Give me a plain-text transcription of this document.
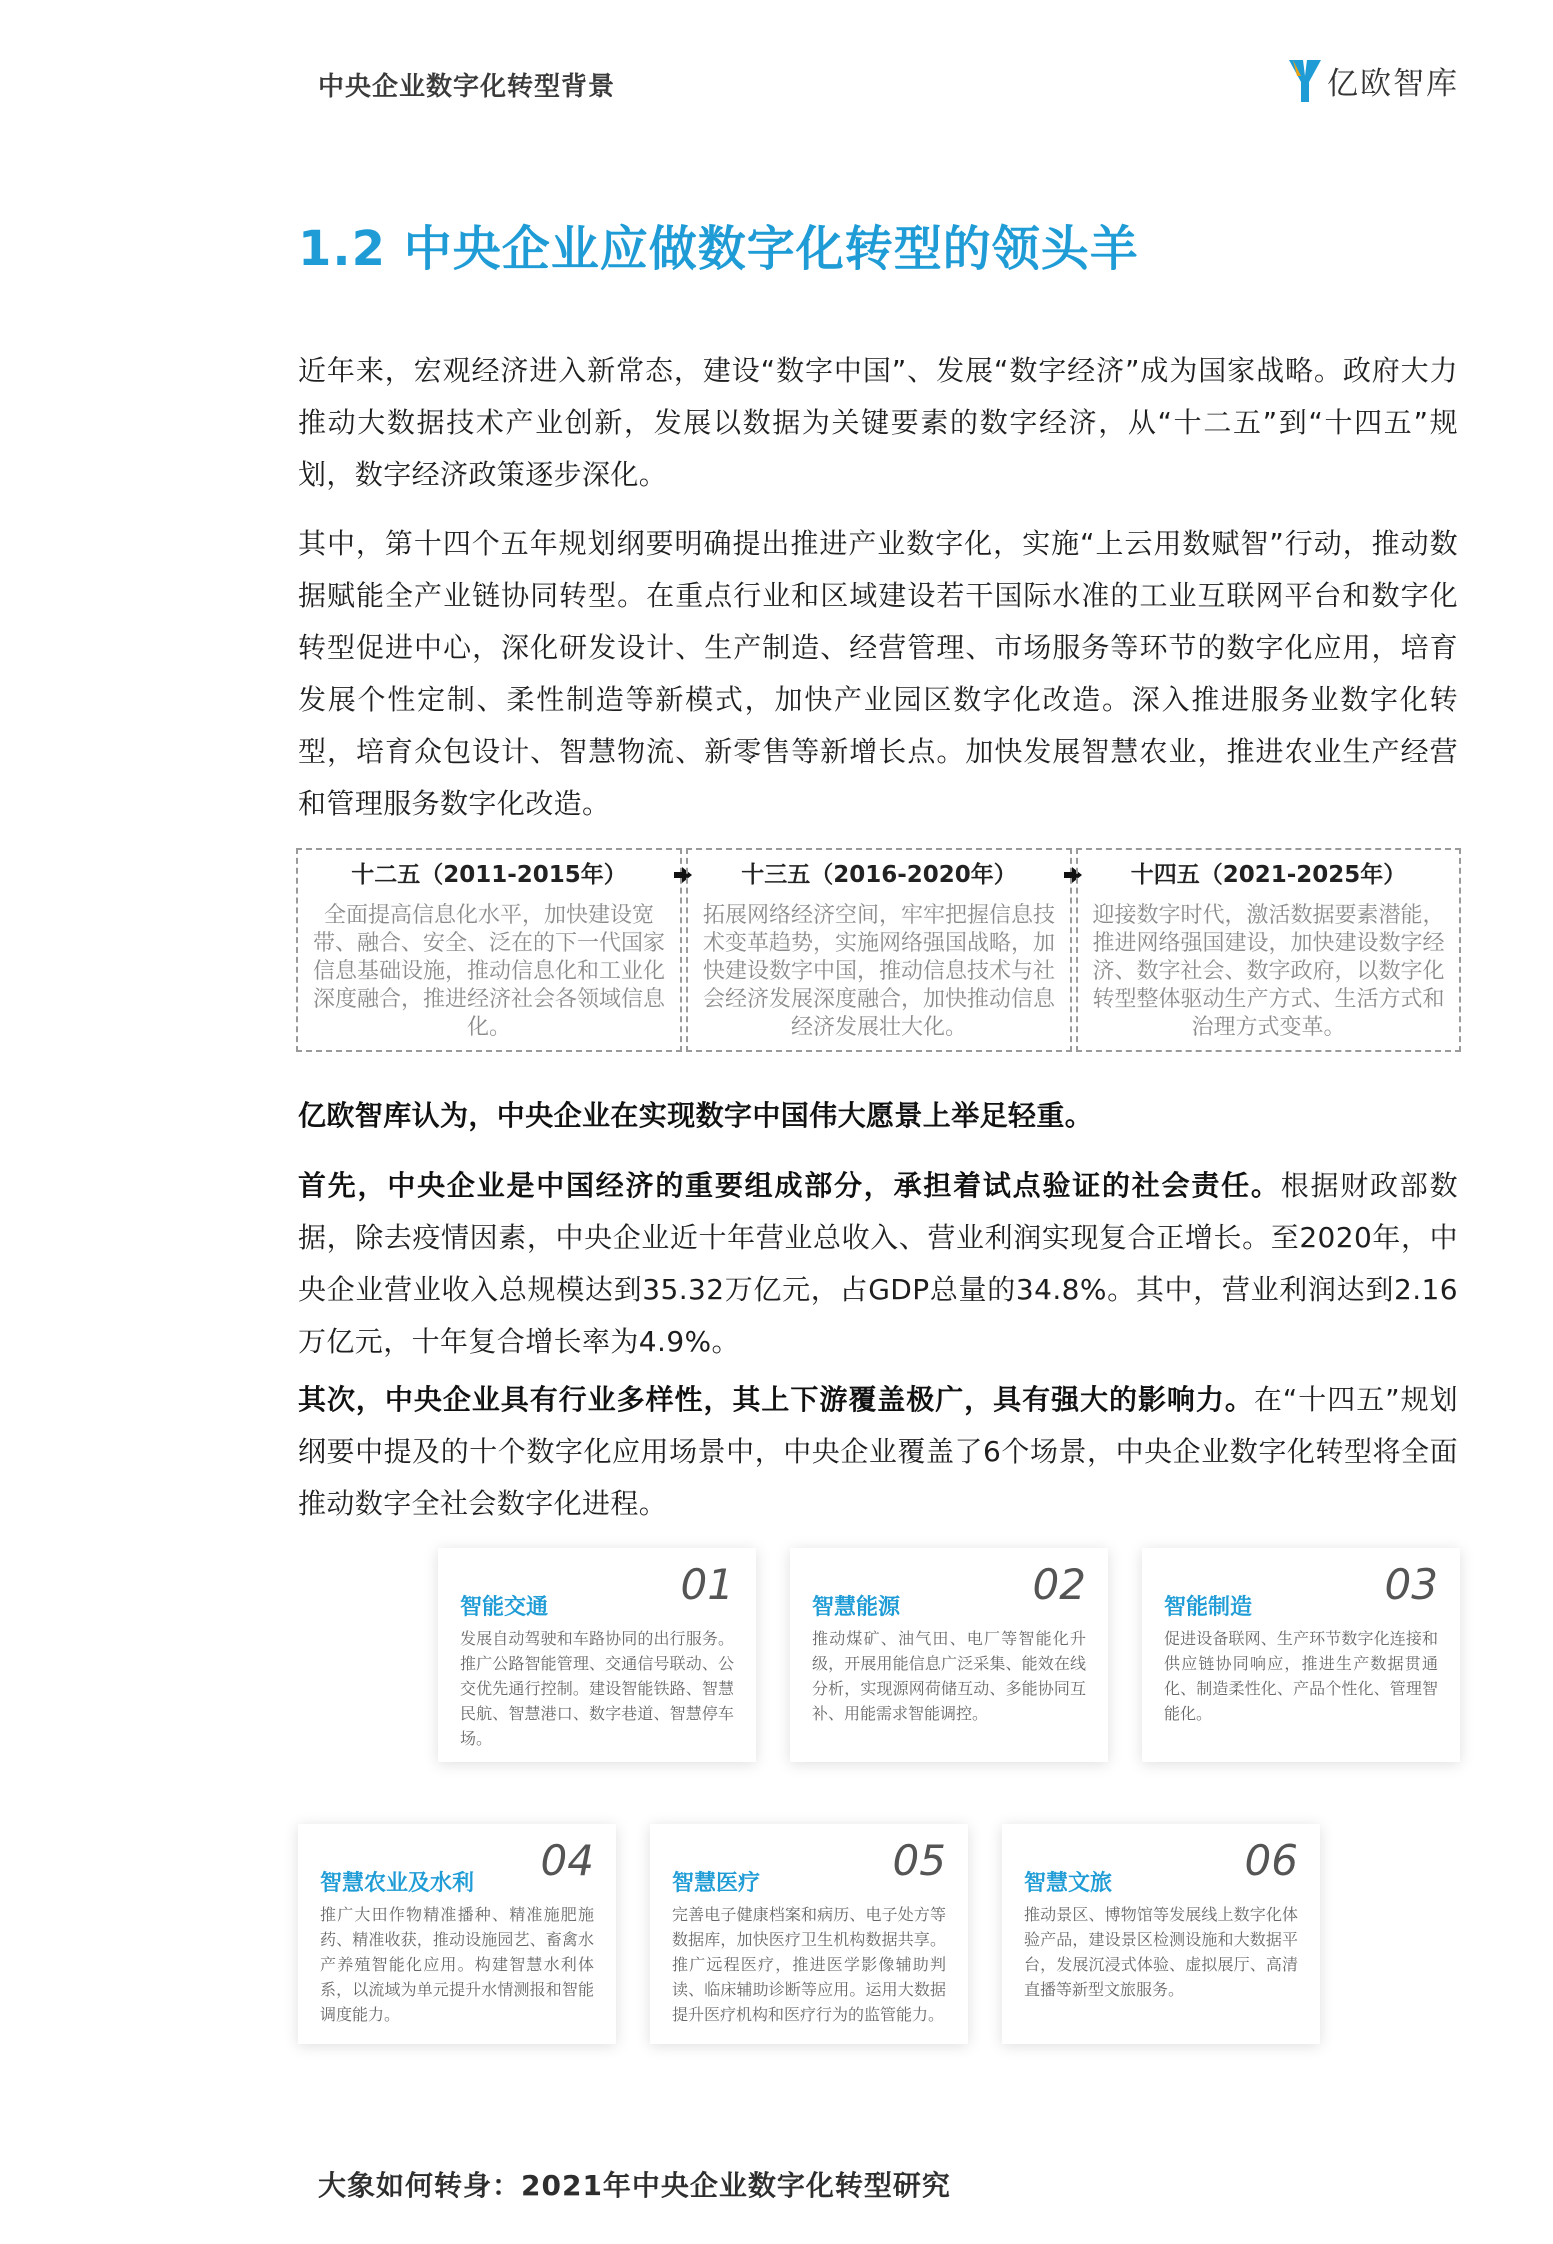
中央企业数字化转型背景	亿欧智库
1.2 中央企业应做数字化转型的领头羊

近年来，宏观经济进入新常态，建设“数字中国”、发展“数字经济”成为国家战略。政府大力推动大数据技术产业创新，发展以数据为关键要素的数字经济，从“十二五”到“十四五”规划，数字经济政策逐步深化。

其中，第十四个五年规划纲要明确提出推进产业数字化，实施“上云用数赋智”行动，推动数据赋能全产业链协同转型。在重点行业和区域建设若干国际水准的工业互联网平台和数字化转型促进中心，深化研发设计、生产制造、经营管理、市场服务等环节的数字化应用，培育发展个性定制、柔性制造等新模式，加快产业园区数字化改造。深入推进服务业数字化转型，培育众包设计、智慧物流、新零售等新增长点。加快发展智慧农业，推进农业生产经营和管理服务数字化改造。

十二五（2011-2015年）
全面提高信息化水平，加快建设宽带、融合、安全、泛在的下一代国家信息基础设施，推动信息化和工业化深度融合，推进经济社会各领域信息化。
十三五（2016-2020年）
拓展网络经济空间，牢牢把握信息技术变革趋势，实施网络强国战略，加快建设数字中国，推动信息技术与社会经济发展深度融合，加快推动信息经济发展壮大化。
十四五（2021-2025年）
迎接数字时代，激活数据要素潜能，推进网络强国建设，加快建设数字经济、数字社会、数字政府，以数字化转型整体驱动生产方式、生活方式和治理方式变革。

亿欧智库认为，中央企业在实现数字中国伟大愿景上举足轻重。

首先，中央企业是中国经济的重要组成部分，承担着试点验证的社会责任。根据财政部数据，除去疫情因素，中央企业近十年营业总收入、营业利润实现复合正增长。至2020年，中央企业营业收入总规模达到35.32万亿元，占GDP总量的34.8%。其中，营业利润达到2.16万亿元，十年复合增长率为4.9%。

其次，中央企业具有行业多样性，其上下游覆盖极广，具有强大的影响力。在“十四五”规划纲要中提及的十个数字化应用场景中，中央企业覆盖了6个场景，中央企业数字化转型将全面推动数字全社会数字化进程。

01
智能交通
发展自动驾驶和车路协同的出行服务。推广公路智能管理、交通信号联动、公交优先通行控制。建设智能铁路、智慧民航、智慧港口、数字巷道、智慧停车场。
02
智慧能源
推动煤矿、油气田、电厂等智能化升级，开展用能信息广泛采集、能效在线分析，实现源网荷储互动、多能协同互补、用能需求智能调控。
03
智能制造
促进设备联网、生产环节数字化连接和供应链协同响应，推进生产数据贯通化、制造柔性化、产品个性化、管理智能化。
04
智慧农业及水利
推广大田作物精准播种、精准施肥施药、精准收获，推动设施园艺、畜禽水产养殖智能化应用。构建智慧水利体系，以流域为单元提升水情测报和智能调度能力。
05
智慧医疗
完善电子健康档案和病历、电子处方等数据库，加快医疗卫生机构数据共享。推广远程医疗，推进医学影像辅助判读、临床辅助诊断等应用。运用大数据提升医疗机构和医疗行为的监管能力。
06
智慧文旅
推动景区、博物馆等发展线上数字化体验产品，建设景区检测设施和大数据平台，发展沉浸式体验、虚拟展厅、高清直播等新型文旅服务。
大象如何转身：2021年中央企业数字化转型研究
